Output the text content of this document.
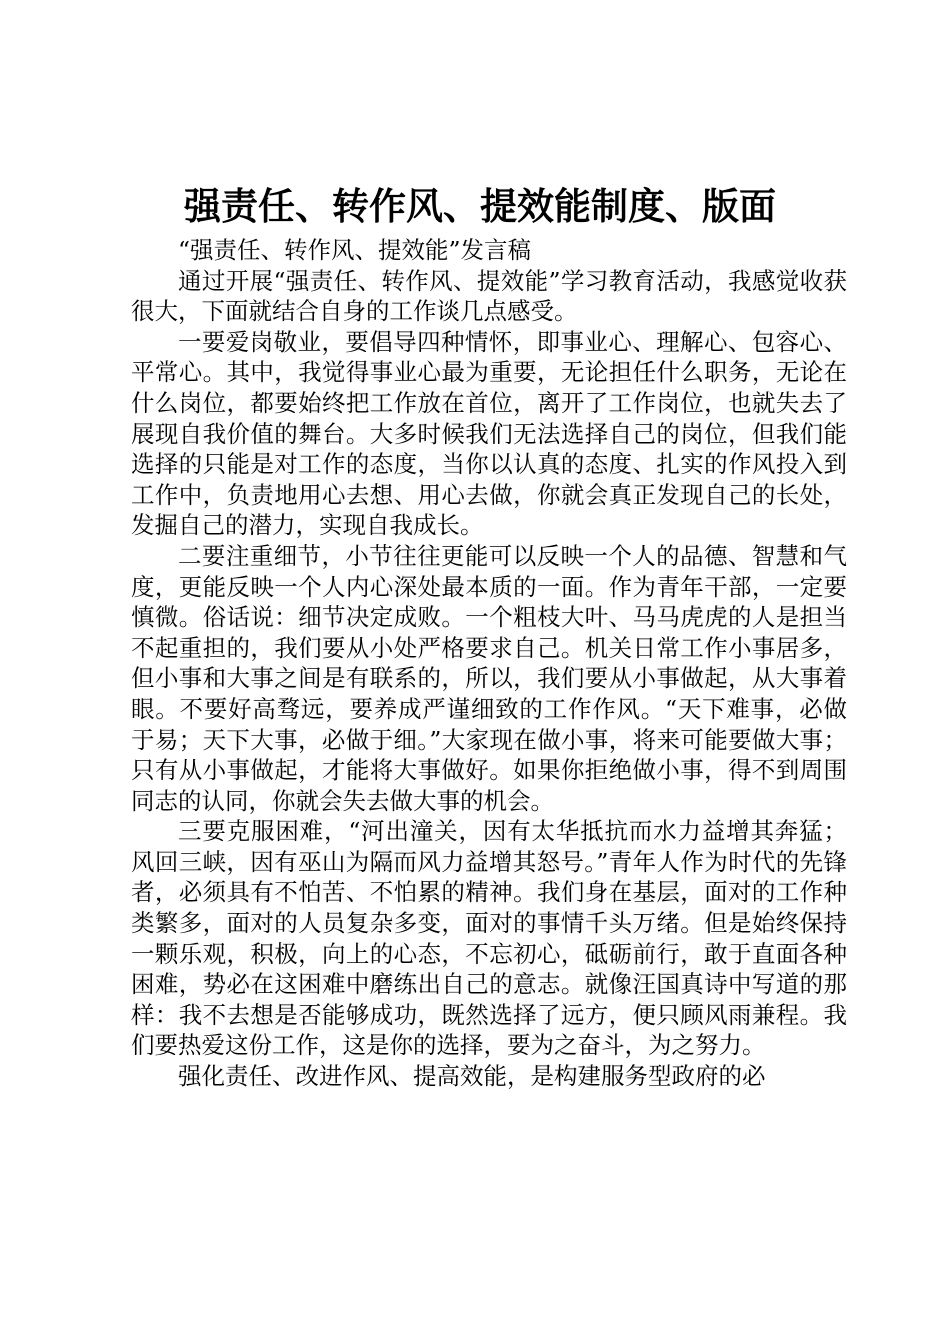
强责任、转作风、提效能制度、版面

“强责任、转作风、提效能”发言稿

通过开展“强责任、转作风、提效能”学习教育活动，我感觉收获很大，下面就结合自身的工作谈几点感受。

一要爱岗敬业，要倡导四种情怀，即事业心、理解心、包容心、平常心。其中，我觉得事业心最为重要，无论担任什么职务，无论在什么岗位，都要始终把工作放在首位，离开了工作岗位，也就失去了展现自我价值的舞台。大多时候我们无法选择自己的岗位，但我们能选择的只能是对工作的态度，当你以认真的态度、扎实的作风投入到工作中，负责地用心去想、用心去做，你就会真正发现自己的长处，发掘自己的潜力，实现自我成长。

二要注重细节，小节往往更能可以反映一个人的品德、智慧和气度，更能反映一个人内心深处最本质的一面。作为青年干部，一定要慎微。俗话说：细节决定成败。一个粗枝大叶、马马虎虎的人是担当不起重担的，我们要从小处严格要求自己。机关日常工作小事居多，但小事和大事之间是有联系的，所以，我们要从小事做起，从大事着眼。不要好高骛远，要养成严谨细致的工作作风。“天下难事，必做于易；天下大事，必做于细。”大家现在做小事，将来可能要做大事；只有从小事做起，才能将大事做好。如果你拒绝做小事，得不到周围同志的认同，你就会失去做大事的机会。

三要克服困难，“河出潼关，因有太华抵抗而水力益增其奔猛；风回三峡，因有巫山为隔而风力益增其怒号。”青年人作为时代的先锋者，必须具有不怕苦、不怕累的精神。我们身在基层，面对的工作种类繁多，面对的人员复杂多变，面对的事情千头万绪。但是始终保持一颗乐观，积极，向上的心态，不忘初心，砥砺前行，敢于直面各种困难，势必在这困难中磨练出自己的意志。就像汪国真诗中写道的那样：我不去想是否能够成功，既然选择了远方，便只顾风雨兼程。我们要热爱这份工作，这是你的选择，要为之奋斗，为之努力。

强化责任、改进作风、提高效能，是构建服务型政府的必
